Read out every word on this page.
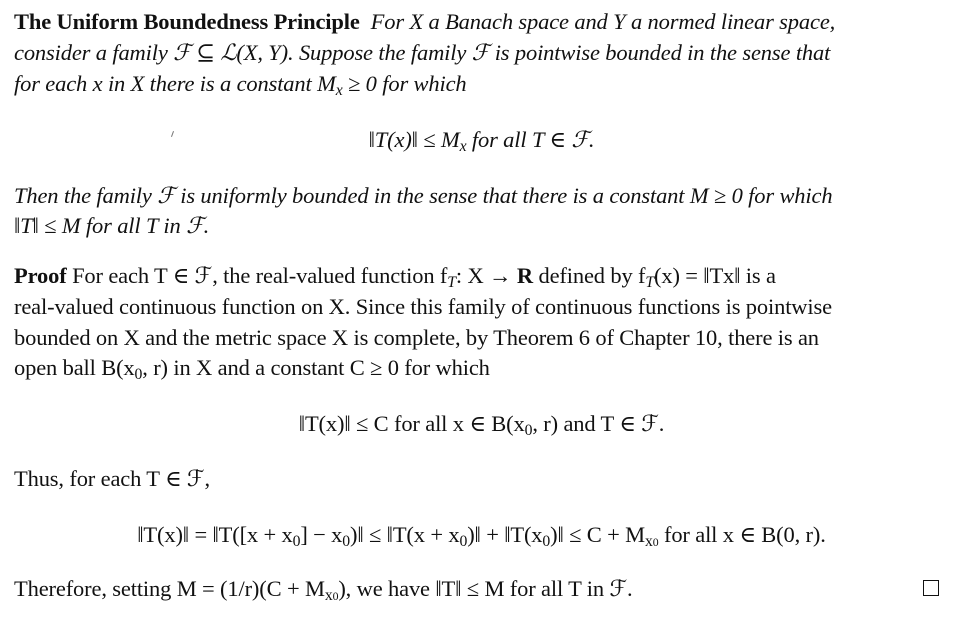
The Uniform Boundedness Principle For X a Banach space and Y a normed linear space,
consider a family ℱ ⊆ ℒ(X, Y). Suppose the family ℱ is pointwise bounded in the sense that
for each x in X there is a constant $M_x \ge 0$ for which
‖T(x)‖ ≤ $M_x$ for all T ∈ ℱ.
Then the family ℱ is uniformly bounded in the sense that there is a constant M ≥ 0 for which
‖T‖ ≤ M for all T in ℱ.
Proof For each T ∈ ℱ, the real-valued function $f_T$: X → R defined by $f_T(x)$ = ‖Tx‖ is a
real-valued continuous function on X. Since this family of continuous functions is pointwise
bounded on X and the metric space X is complete, by Theorem 6 of Chapter 10, there is an
open ball $B(x_0$, r) in X and a constant C ≥ 0 for which
‖T(x)‖ ≤ C for all x ∈ $B(x_0$, r) and T ∈ ℱ.
Thus, for each T ∈ ℱ,
‖T(x)‖ = ‖T([x + $x_0$] − $x_0)‖$ ≤ ‖T(x + $x_0)‖$ + $‖T(x_0)‖ \le C + M_{x0}$ for all x ∈ B(0, r).
Therefore, setting $M = (1/r)(C + M_{x0})$, we have ‖T‖ ≤ M for all T in ℱ.
